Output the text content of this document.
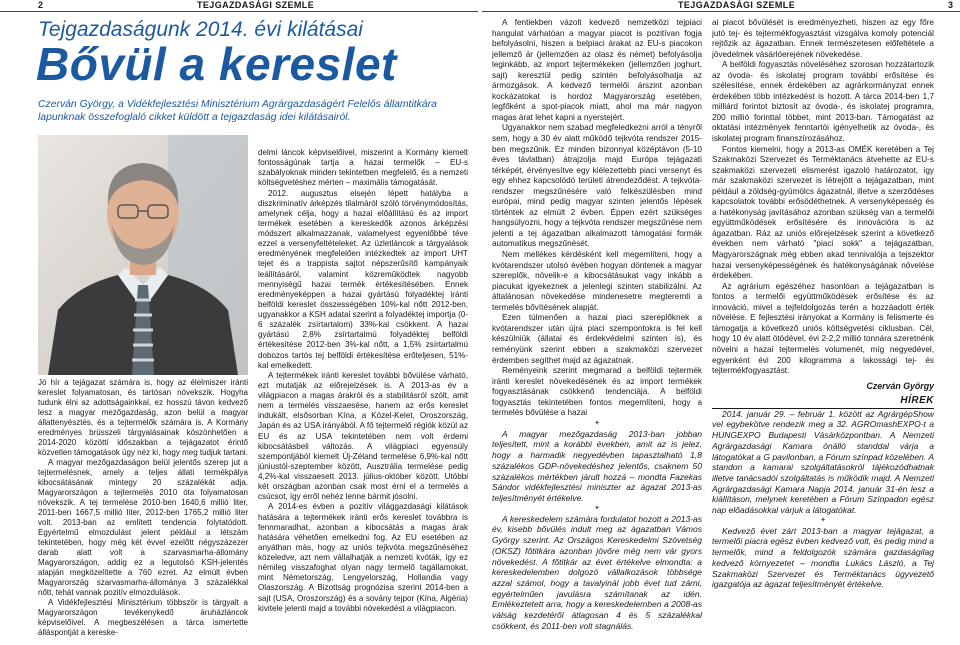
2	TEJGAZDASÁGI SZEMLE
Tejgazdaságunk 2014. évi kilátásai
Bővül a kereslet
Czerván György, a Vidékfejlesztési Minisztérium Agrárgazdaságért Felelős államtitkára lapunknak összefoglaló cikket küldött a tejgazdaság idei kilátásairól.

Jó hír a tejágazat számára is, hogy az élelmiszer iránti kereslet folyamatosan, és tartósan növekszik. Hogyha tudunk élni az adottságainkkal, ez hosszú távon kedvező lesz a magyar mezőgazdaság, azon belül a magyar állattenyésztés, és a tejtermelők számára is. A Kormány eredményes brüsszeli tárgyalásainak köszönhetően a 2014-2020 közötti időszakban a tejágazatot érintő közvetlen támogatások úgy néz ki, hogy meg tudjuk tartani.

A magyar mezőgazdaságon belül jelentős szerep jut a tejtermelésnek, amely a teljes állati termékpálya kibocsátásának mintegy 20 százalékát adja. Magyarországon a tejtermelés 2010 óta folyamatosan növekszik. A tej termelése 2010-ben 1640,6 millió liter, 2011-ben 1667,5 millió liter, 2012-ben 1765,2 millió liter volt. 2013-ban az említett tendencia folytatódott. Egyértelmű elmozdulást jelent például a létszám tekintetében, hogy még két évvel ezelőtt négyszázezer darab alatt volt a szarvasmarha-állomány Magyarországon, addig ez a legutolsó KSH-jelentés alapján megközelítette a 760 ezret. Az elmúlt évben Magyarország szarvasmarha-állománya 3 százalékkal nőtt, tehát vannak pozitív elmozdulások.

A Vidékfejlesztési Minisztérium többször is tárgyalt a Magyarországon tevékenykedő áruházláncok képviselőivel. A megbeszélésen a tárca ismertette álláspontját a kereske-

delmi láncok képviselőivel, miszerint a Kormány kiemelt fontosságúnak tartja a hazai termelők – EU-s szabályoknak minden tekintetben megfelelő, és a nemzeti költségvetéshez mérten – maximális támogatását.

2012. augusztus elsején lépett hatályba a diszkriminatív árképzés tilalmáról szóló törvénymódosítás, amelynek célja, hogy a hazai előállítású és az import termékek esetében a kereskedők azonos árképzési módszert alkalmazzanak, valamelyest egyenlőbbé téve ezzel a versenyfeltételeket. Az üzletláncok a tárgyalások eredményének megfelelően intézkedtek az import UHT tejet és a trappista sajtot népszerűsítő kampányaik leállításáról, valamint közremûködtek nagyobb mennyiségű hazai termék értékesítésében. Ennek eredményeképpen a hazai gyártású folyadéktej iránti belföldi kereslet összességében 10%-kal nőtt 2012-ben, ugyanakkor a KSH adatai szerint a folyadéktej importja (0-6 százalék zsírtartalom) 33%-kal csökkent. A hazai gyártású 2,8% zsírtartalmú folyadéktej belföldi értékesítése 2012-ben 3%-kal nőtt, a 1,5% zsírtartalmú dobozos tartós tej belföldi értékesítése erőteljesen, 51%-kal emelkedett.

A tejtermékek iránti kereslet további bővülése várható, ezt mutatják az előrejelzések is. A 2013-as év a világpiacon a magas árakról és a stabilitásról szólt, amit nem a termelés visszaesése, hanem az erős kereslet indukált, elsősorban Kína, a Közel-Kelet, Oroszország, Japán és az USA irányából. A fő tejtermelő régiók közül az EU és az USA tekintetében nem volt érdemi kibocsátásbeli változás. A világpiaci egyensúly szempontjából kiemelt Új-Zéland termelése 6,9%-kal nőtt júniustól-szeptember között, Ausztrália termelése pedig 4,2%-kal visszaesett 2013. július-október között. Utóbbi két országban azonban csak most érni el a termelés a csúcsot, így erről nehéz lenne bármit jósolni.

A 2014-es évben a pozitív világgazdasági kilátások hatására a tejtermékek iránti erős kereslet továbbra is fennmaradhat, azonban a kibocsátás a magas árak hatására véhetően emelkedni fog. Az EU esetében az anyáthan más, hogy az uniós tejkvóta megszűnéséhez közeledve, azt nem vállalhatják a nemzeti kvóták, így ez némileg visszafoghat olyan nagy termelő tagállamokat, mint Németország, Lengyelország, Hollandia vagy Olaszország. A Bizottság prognózisa szerint 2014-ben a sajt (USA, Oroszország) és a sovány tejpor (Kína, Algéria) kivitele jelenti majd a további növekedést a világpiacon.

TEJGAZDASÁGI SZEMLE	3

A fentiekben vázolt kedvező nemzetközi tejpiaci hangulat várhatóan a magyar piacot is pozitívan fogja befolyásolni, hiszen a belpiaci árakat az EU-s piacokon jellemző ár (jellemzően az olasz és német) befolyásolja leginkább, az import tejtermékeken (jellemzően joghurt, sajt) keresztül pedig szintén befolyásolhatja az ármozgások. A kedvező termelői árszint azonban kockázatokat is hordoz Magyarország esetében, legfőként a spot-piacok miatt, ahol ma már nagyon magas árat lehet kapni a nyerstejért.

Ugyanakkor nem szabad megfeledkezni arról a tényről sem, hogy a 30 év alatt működő tejkvóta rendszer 2015-ben megszűnik. Ez minden bizonnyal középtávon (5-10 éves távlatban) átrajzolja majd Európa tejágazati térképét, érvényesítve egy kiélezettebb piaci versenyt és egy ehhez kapcsolódó területi átrendeződést. A tejkvóta-rendszer megszűnésére való felkészülésben mind európai, mind pedig magyar szinten jelentős lépések történtek az elmúlt 2 évben. Éppen ezért szükséges hangsúlyozni, hogy a tejkvóta rendszer megszűnése nem jelenti a tej ágazatban alkalmazott támogatási formák automatikus megszűnését.

Nem mellékes kérdésként kell megemlíteni, hogy a kvótarendszer utolsó évében hogyan döntenek a magyar szereplők, növelik-e a kibocsátásukat vagy inkább a piacukat igyekeznek a jelenlegi szinten stabilizálni. Az általánosan növekedése mindenesetre megteremti a termelés bővítésének alapját.

Ezen túlmenően a hazai piaci szereplőknek a kvótarendszer után újra piaci szempontokra is fel kell készülniük (állatai és érdekvédelmi szinten is), és reményünk szerint ebben a szakmaközi szervezet érdemben segíthet majd az ágazatnak.

Reményeink szerint megmarad a belföldi tejtermék iránti kereslet növekedésének és az import termékek fogyasztásának csökkenő tendenciája. A belföldi fogyasztás tekintetében fontos megemlíteni, hogy a termelés bővülése a hazai

✦

A magyar mezőgazdaság 2013-ban jobban teljesített, mint a korábbi években, amit az is jelez, hogy a harmadik negyedévben tapasztalható 1,8 százalékos GDP-növekedéshez jelentős, csaknem 50 százalékos mértékben járult hozzá – mondta Fazekas Sándor vidékfejlesztési miniszter az ágazat 2013-as teljesítményét értékelve.

✦

A kereskedelem számára fordulatot hozott a 2013-as év, kisebb bővülés indult meg az ágazatban Vámos György szerint. Az Országos Kereskedelmi Szövetség (OKSZ) főtitkára azonban jövőre még nem vár gyors növekedést. A főtitkár az évet értékelve elmondta: a kereskedelemben dolgozó vállalkozások többsége azzal számol, hogy a tavalyinál jobb évet tud zárni, egyértelműen javulásra számítanak az idén. Emlékeztetett arra, hogy a kereskedelemben a 2008-as válság kezdetéről átlagosan 4 és 5 százalékkal csökkent, és 2011-ben volt stagnálás.

ai piacot bővülését is eredményezheti, hiszen az egy főre jutó tej- és tejtermékfogyasztást vizsgálva komoly potenciál rejtőzik az ágazatban. Ennek természetesen előfeltétele a jövedelmek vásárlóerejének növekedése.

A belföldi fogyasztás növeléséhez szorosan hozzátartozik az óvoda- és iskolatej program további erősítése és szélesítése, ennek érdekében az agrárkormányzat ennek érdekében több intézkedést is hozott. A tárca 2014-ben 1,7 milliárd forintot biztosít az óvoda-, és iskolatej programra, 200 millió forinttal többet, mint 2013-ban. Támogatást az oktatási intézmények fenntartói igényelhetik az óvoda-, és iskolatej program finanszírozásához.

Fontos kiemelni, hogy a 2013-as OMÉK keretében a Tej Szakmaközi Szervezet és Terméktanács átvehette az EU-s szakmaközi szervezeti elismerést igazoló határozatot, így már szakmaközi szervezet is létrejött a tejágazatban, mint például a zöldség-gyümölcs ágazatnál, illetve a szerződéses kapcsolatok további erősödéthetnek. A versenyképesség és a hatékonyság javításához azonban szükség van a termelői együttműködések erősítésére és innovációra is az ágazatban. Ráz az uniós előrejelzések szerint a következő években nem várható "piaci sokk" a tejágazatban, Magyarországnak még ebben akad tennivalója a tejszektor hazai versenyképességének és hatékonyságának növelése érdekében.

Az agrárium egészéhez hasonlóan a tejágazatban is fontos a termelői együttműködések erősítése és az innováció, mivel a tejfeldolgozás terén a hozzáadott érték növelése. E fejlesztési irányokat a Kormány is felismerte és támogatja a következő uniós költségvetési ciklusban. Cél, hogy 10 év alatt ötödével, évi 2-2,2 millió tonnára szeretnénk növelni a hazai tejtermelés volumenét, míg negyedével, egyenként évi 200 kilogramma a lakossági tej- és tejtermékfogyasztást.

Czerván György
HÍREK

2014. január 29. – február 1. között az AgrárgépShow vel egybekötve rendezik meg a 32. AGROmashEXPO-t a HUNGEXPO Budapesti Vásárközpontban. A Nemzeti Agrárgazdasági Kamara önálló standdal várja a látogatókat a G pavilonban, a Fórum színpad közelében. A standon a kamarai szolgáltatásokról tájékozódhatnak illetve tanácsadói szolgáltatás is működik majd. A Nemzeti Agrárgazdasági Kamara Napja 2014. január 31-én lesz a kiállításon, melynek keretében a Fórum Színpadon egész nap előadásokkal várjuk a látogatókat.

✦

Kedvező évet zárt 2013-ban a magyar tejágazat, a termelői piacra egész évben kedvező volt, és pedig mind a termelők, mind a feldolgozók számára gazdaságilag kedvező környezetet – mondta Lukács László, a Tej Szakmaközi Szervezet és Terméktanács ügyvezető igazgatója az ágazat teljesítményét értékelve.
